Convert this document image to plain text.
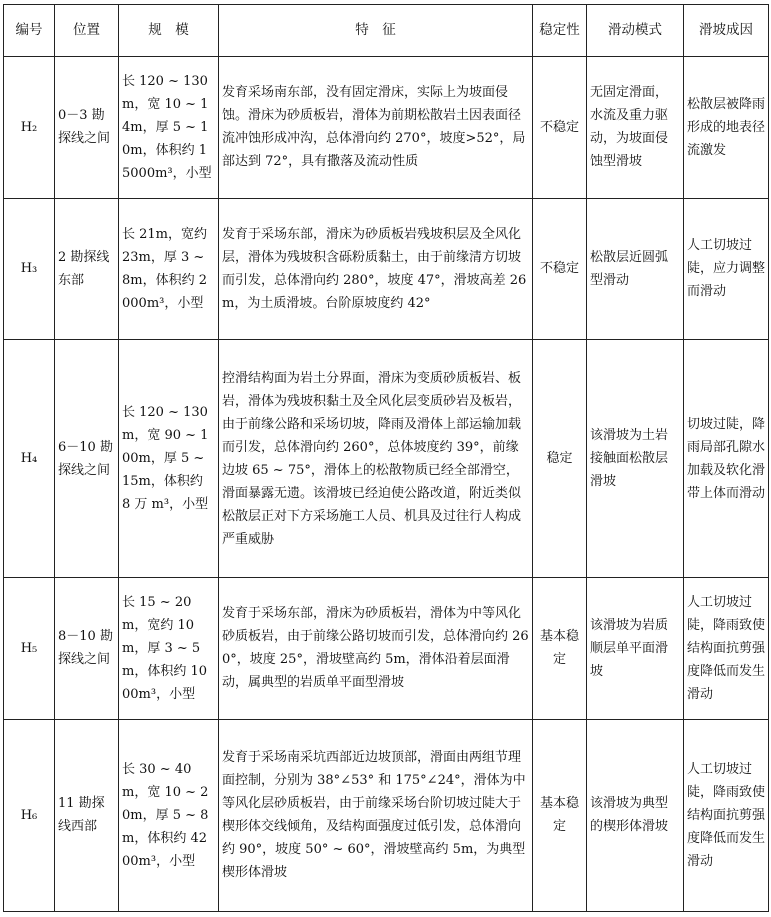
编号	位置	规　模	特　征	稳定性	滑动模式	滑坡成因
H₂	0－3 勘探线之间	长 120 ~ 130m，宽 10 ~ 14m，厚 5 ~ 10m，体积约 15000m³，小型	发育采场南东部，没有固定滑床，实际上为坡面侵蚀。滑床为砂质板岩，滑体为前期松散岩土因表面径流冲蚀形成冲沟，总体滑向约 270°，坡度>52°，局部达到 72°，具有撒落及流动性质	不稳定	无固定滑面，水流及重力驱动，为坡面侵蚀型滑坡	松散层被降雨形成的地表径流激发
H₃	2 勘探线东部	长 21m，宽约 23m，厚 3 ~ 8m，体积约 2000m³，小型	发育于采场东部，滑床为砂质板岩残坡积层及全风化层，滑体为残坡积含砾粉质黏土，由于前缘清方切坡而引发，总体滑向约 280°，坡度 47°，滑坡高差 26m，为土质滑坡。台阶原坡度约 42°	不稳定	松散层近圆弧型滑动	人工切坡过陡，应力调整而滑动
H₄	6－10 勘探线之间	长 120 ~ 130m，宽 90 ~ 100m，厚 5 ~ 15m，体积约 8 万 m³，小型	控滑结构面为岩土分界面，滑床为变质砂质板岩、板岩，滑体为残坡积黏土及全风化层变质砂岩及板岩，由于前缘公路和采场切坡，降雨及滑体上部运输加载而引发，总体滑向约 260°，总体坡度约 39°，前缘边坡 65 ~ 75°，滑体上的松散物质已经全部滑空，滑面暴露无遗。该滑坡已经迫使公路改道，附近类似松散层正对下方采场施工人员、机具及过往行人构成严重威胁	稳定	该滑坡为土岩接触面松散层滑坡	切坡过陡，降雨局部孔隙水加载及软化滑带上体而滑动
H₅	8－10 勘探线之间	长 15 ~ 20m，宽约 10m，厚 3 ~ 5m，体积约 1000m³，小型	发育于采场东部，滑床为砂质板岩，滑体为中等风化砂质板岩，由于前缘公路切坡而引发，总体滑向约 260°，坡度 25°，滑坡壁高约 5m，滑体沿着层面滑动，属典型的岩质单平面型滑坡	基本稳定	该滑坡为岩质顺层单平面滑坡	人工切坡过陡，降雨致使结构面抗剪强度降低而发生滑动
H₆	11 勘探线西部	长 30 ~ 40m，宽 10 ~ 20m，厚 5 ~ 8m，体积约 4200m³，小型	发育于采场南采坑西部近边坡顶部，滑面由两组节理面控制，分别为 38°∠53° 和 175°∠24°，滑体为中等风化层砂质板岩，由于前缘采场台阶切坡过陡大于楔形体交线倾角，及结构面强度过低引发，总体滑向约 90°，坡度 50° ~ 60°，滑坡壁高约 5m，为典型楔形体滑坡	基本稳定	该滑坡为典型的楔形体滑坡	人工切坡过陡，降雨致使结构面抗剪强度降低而发生滑动
